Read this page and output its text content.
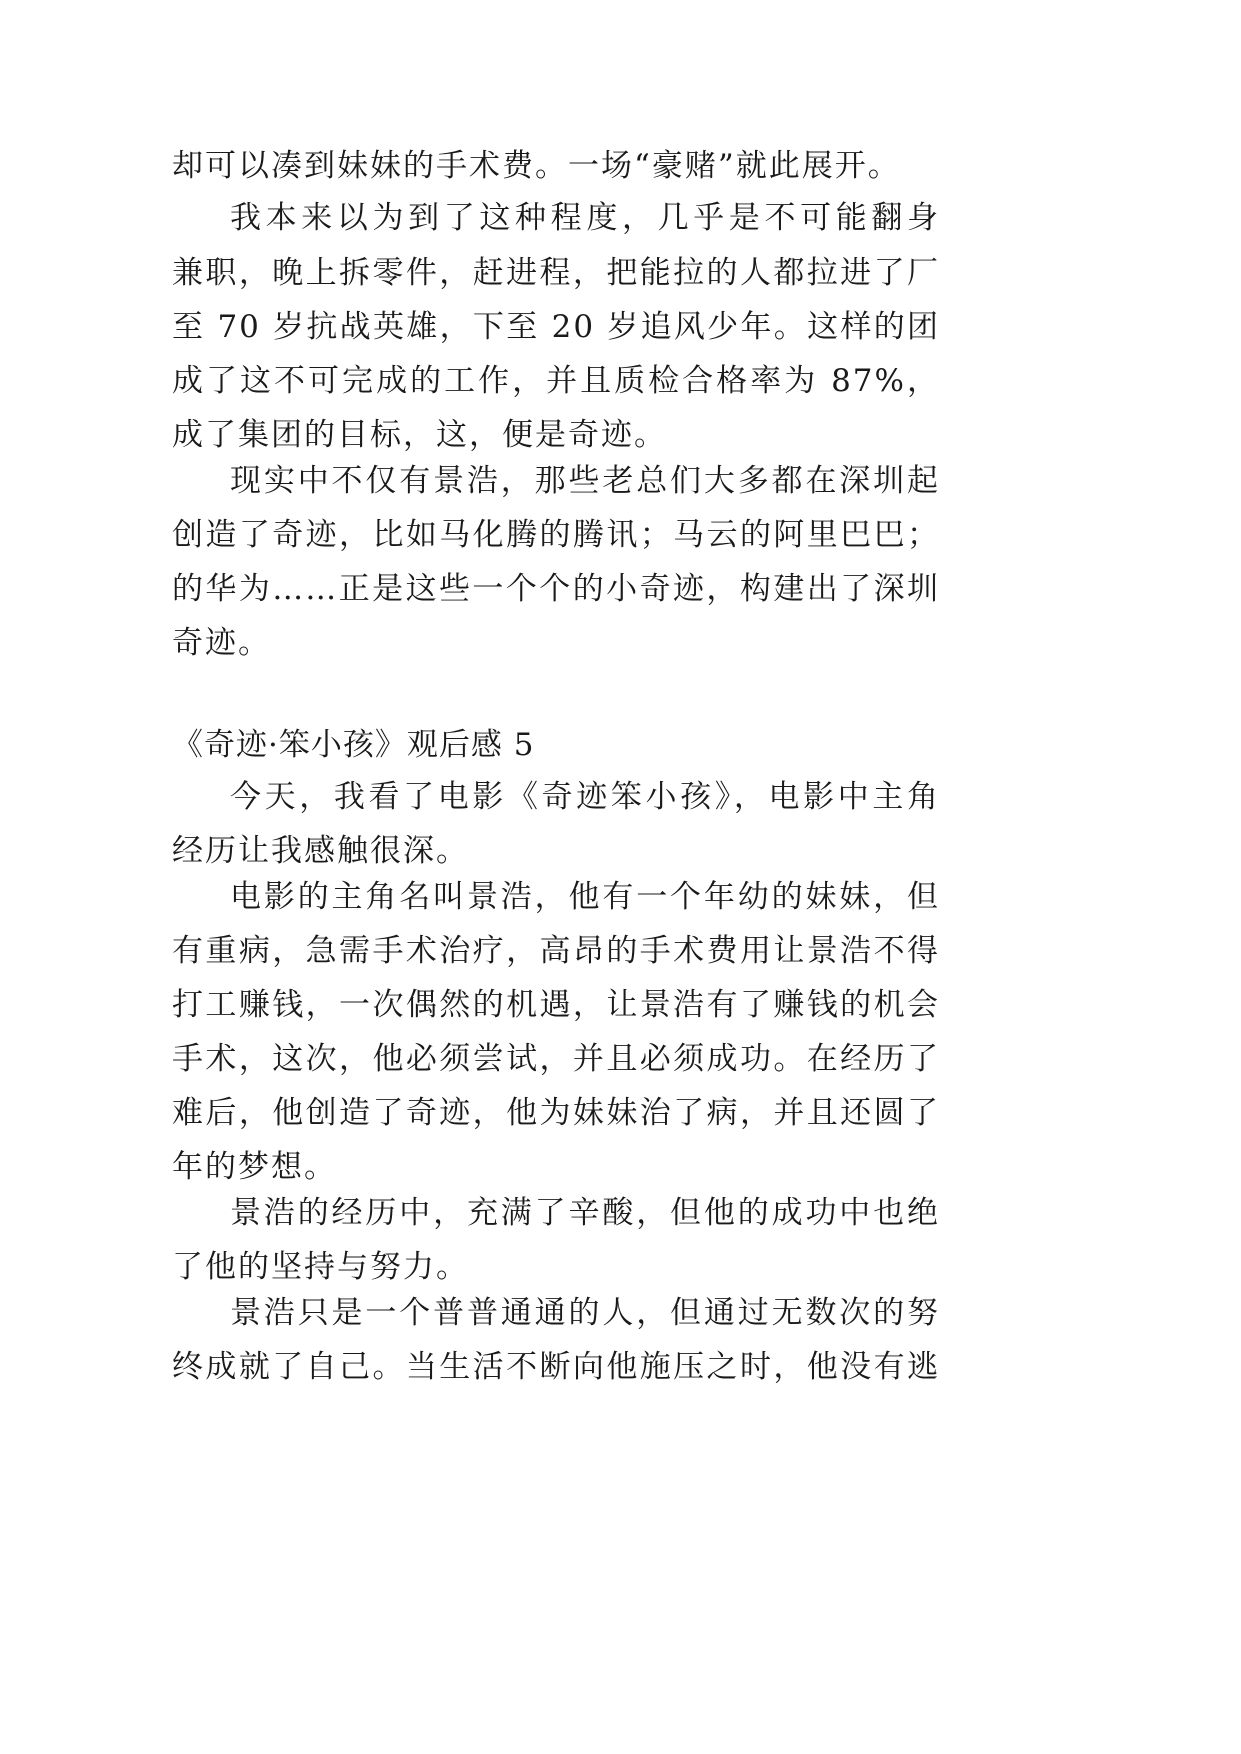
却可以凑到妹妹的手术费。一场“豪赌”就此展开。

我本来以为到了这种程度，几乎是不可能翻身

兼职，晚上拆零件，赶进程，把能拉的人都拉进了厂

至 70 岁抗战英雄，下至 20 岁追风少年。这样的团

成了这不可完成的工作，并且质检合格率为 87%，

成了集团的目标，这，便是奇迹。

现实中不仅有景浩，那些老总们大多都在深圳起

创造了奇迹，比如马化腾的腾讯；马云的阿里巴巴；

的华为……正是这些一个个的小奇迹，构建出了深圳

奇迹。

《奇迹·笨小孩》观后感 5

今天，我看了电影《奇迹笨小孩》，电影中主角

经历让我感触很深。

电影的主角名叫景浩，他有一个年幼的妹妹，但

有重病，急需手术治疗，高昂的手术费用让景浩不得

打工赚钱，一次偶然的机遇，让景浩有了赚钱的机会

手术，这次，他必须尝试，并且必须成功。在经历了

难后，他创造了奇迹，他为妹妹治了病，并且还圆了

年的梦想。

景浩的经历中，充满了辛酸，但他的成功中也绝

了他的坚持与努力。

景浩只是一个普普通通的人，但通过无数次的努

终成就了自己。当生活不断向他施压之时，他没有逃
